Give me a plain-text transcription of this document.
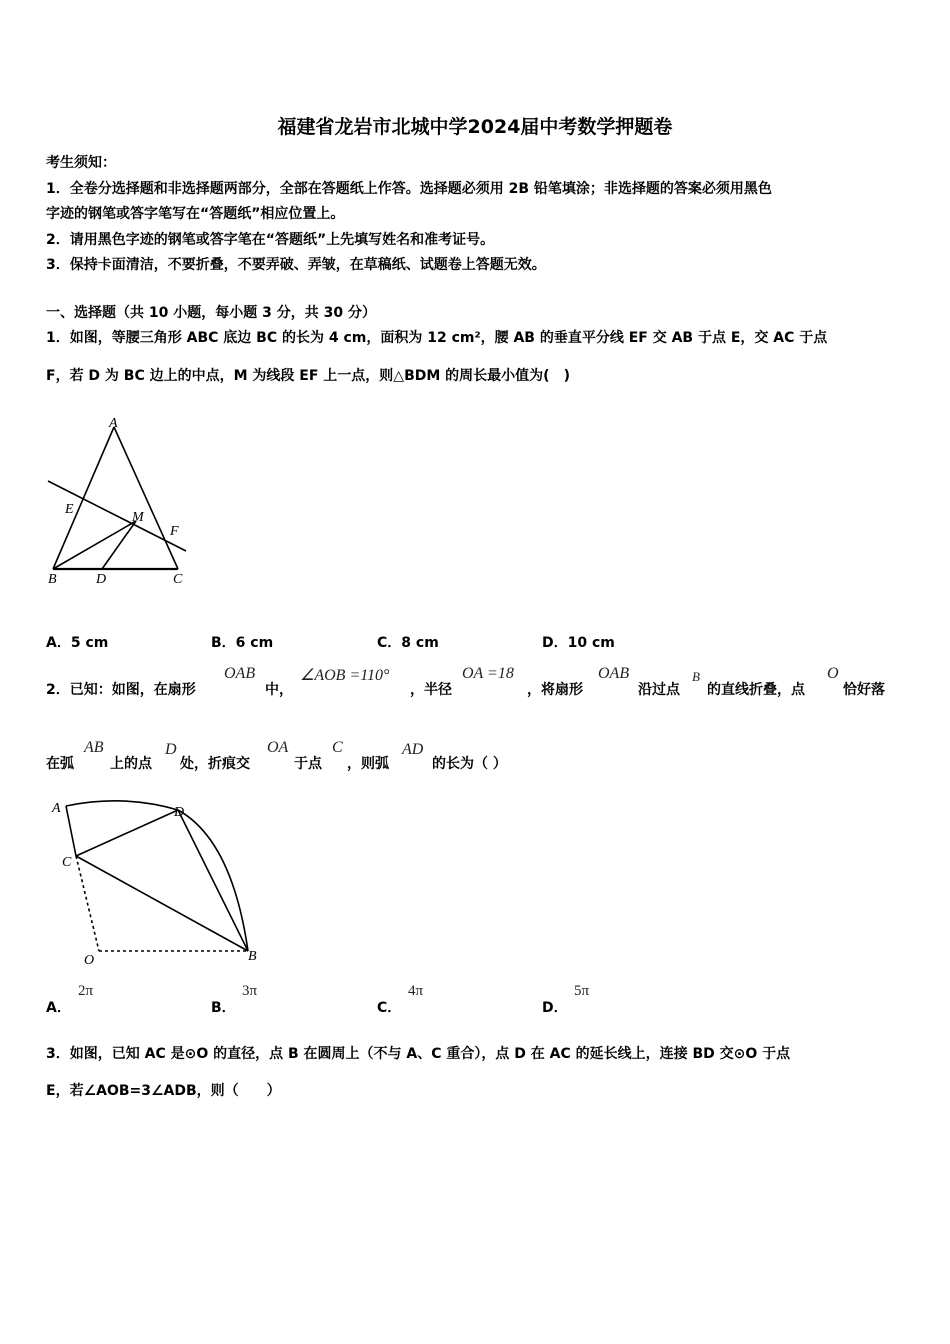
福建省龙岩市北城中学2024届中考数学押题卷
考生须知：
1．全卷分选择题和非选择题两部分，全部在答题纸上作答。选择题必须用 2B 铅笔填涂；非选择题的答案必须用黑色
字迹的钢笔或答字笔写在“答题纸”相应位置上。
2．请用黑色字迹的钢笔或答字笔在“答题纸”上先填写姓名和准考证号。
3．保持卡面清洁，不要折叠，不要弄破、弄皱，在草稿纸、试题卷上答题无效。
一、选择题（共 10 小题，每小题 3 分，共 30 分）
1．如图，等腰三角形 ABC 底边 BC 的长为 4 cm，面积为 12 cm²，腰 AB 的垂直平分线 EF 交 AB 于点 E，交 AC 于点
F，若 D 为 BC 边上的中点，M 为线段 EF 上一点，则△BDM 的周长最小值为(　)
A
E
M
F
B	D	C
A．5 cm	B．6 cm	C．8 cm	D．10 cm
2．已知：如图，在扇形
OAB
中，
∠AOB =110°
，半径
OA =18
，将扇形
OAB
沿过点
B
的直线折叠，点
O
恰好落
在弧
AB
上的点
D
处，折痕交
OA
于点
C
，则弧
AD
的长为（ ）
A	D
C
O	B
A．
2π
B．
3π
C．
4π
D．
5π
3．如图，已知 AC 是⊙O 的直径，点 B 在圆周上（不与 A、C 重合），点 D 在 AC 的延长线上，连接 BD 交⊙O 于点
E，若∠AOB=3∠ADB，则（　　）
